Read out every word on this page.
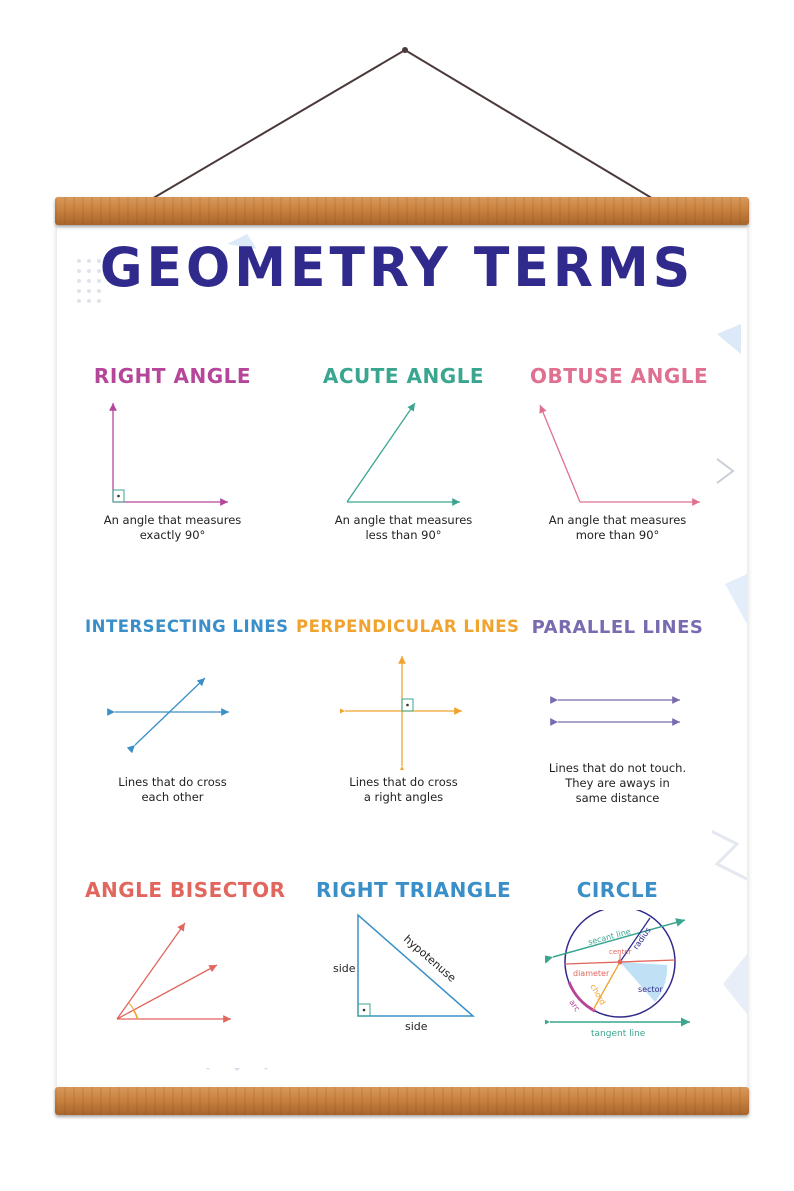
GEOMETRY TERMS
RIGHT ANGLE	ACUTE ANGLE	OBTUSE ANGLE
An angle that measures
exactly 90°
An angle that measures
less than 90°
An angle that measures
more than 90°
INTERSECTING LINES PERPENDICULAR LINES PARALLEL LINES
Lines that do cross
each other
Lines that do cross
a right angles
Lines that do not touch.
They are aways in
same distance
ANGLE BISECTOR RIGHT TRIANGLE	CIRCLE
side
side
hypotenuse	secant line radius
center
diameter
chord	sector
arc
tangent line
